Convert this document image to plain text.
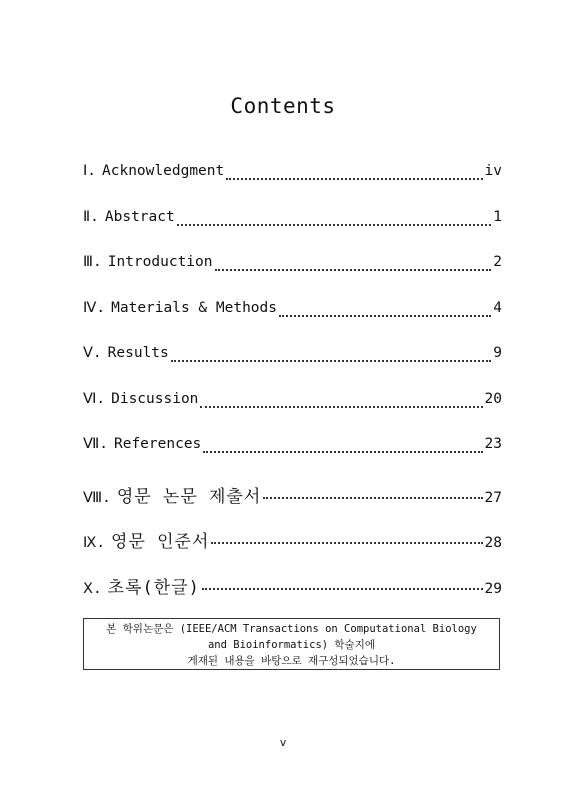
Contents
Ⅰ . Acknowledgment	iv
Ⅱ . Abstract	1
Ⅲ . Introduction	2
Ⅳ . Materials & Methods	4
Ⅴ . Results	9
Ⅵ . Discussion	20
Ⅶ . References	23
Ⅷ . 영문 논문 제출서	27
Ⅸ . 영문 인준서	28
Ⅹ . 초록(한글)	29
본 학위논문은 (IEEE/ACM Transactions on Computational Biology
and Bioinformatics) 학술지에
게재된 내용을 바탕으로 재구성되었습니다.
v
